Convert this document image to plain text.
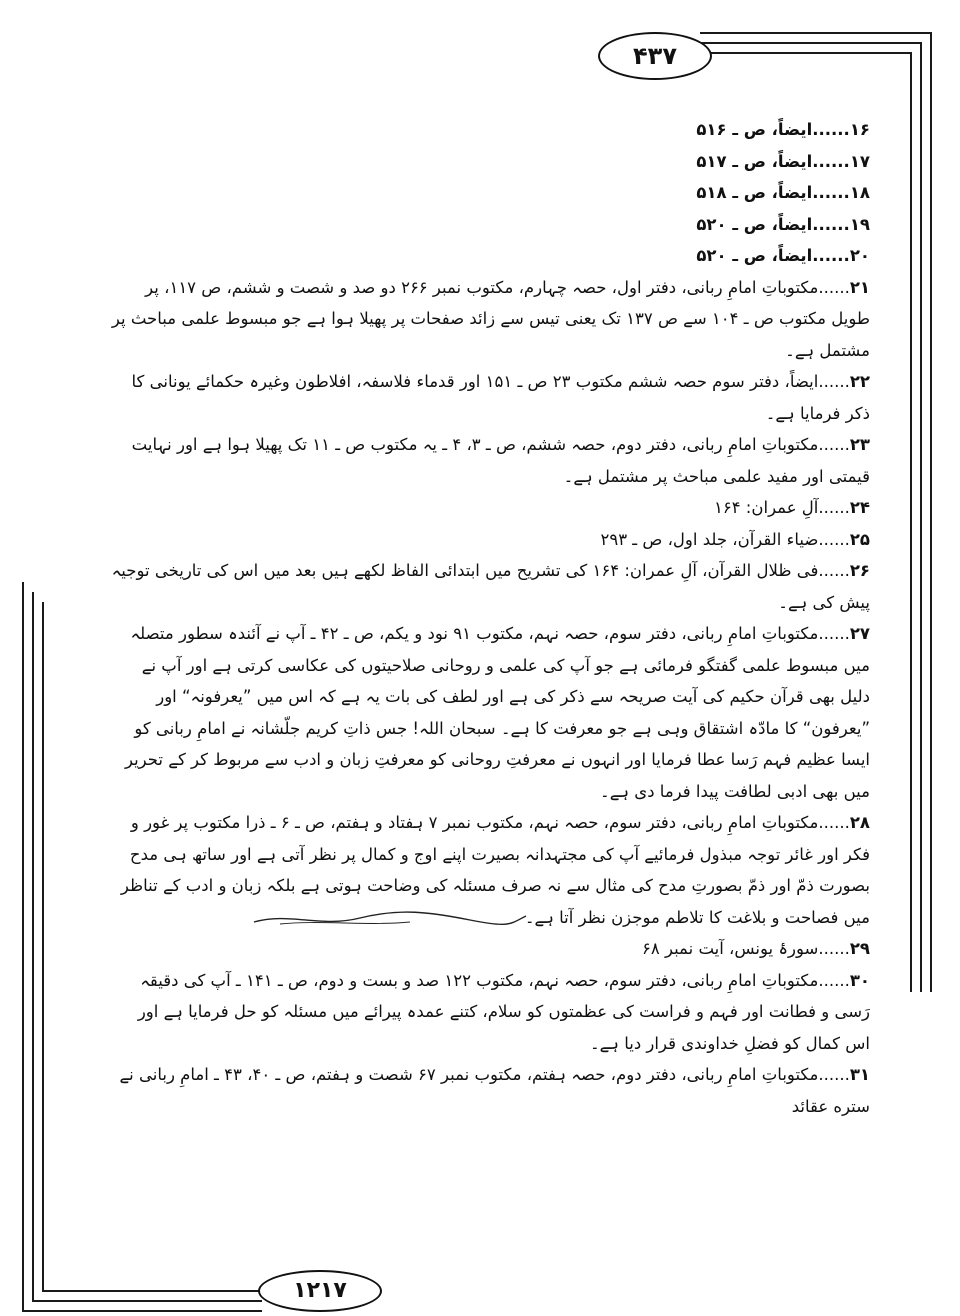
۴۳۷
۱۲۱۷

۱۶......ایضاً، ص ـ ۵۱۶

۱۷......ایضاً، ص ـ ۵۱۷

۱۸......ایضاً، ص ـ ۵۱۸

۱۹......ایضاً، ص ـ ۵۲۰

۲۰......ایضاً، ص ـ ۵۲۰

۲۱......مکتوباتِ امامِ ربانی، دفتر اول، حصہ چہارم، مکتوب نمبر ۲۶۶ دو صد و شصت و ششم، ص ۱۱۷، پر طویل مکتوب ص ـ ۱۰۴ سے ص ۱۳۷ تک یعنی تیس سے زائد صفحات پر پھیلا ہوا ہے جو مبسوط علمی مباحث پر مشتمل ہے۔

۲۲......ایضاً، دفتر سوم حصہ ششم مکتوب ۲۳ ص ـ ۱۵۱ اور قدماء فلاسفہ، افلاطون وغیرہ حکمائے یونانی کا ذکر فرمایا ہے۔

۲۳......مکتوباتِ امامِ ربانی، دفتر دوم، حصہ ششم، ص ـ ۳، ۴ ـ یہ مکتوب ص ـ ۱۱ تک پھیلا ہوا ہے اور نہایت قیمتی اور مفید علمی مباحث پر مشتمل ہے۔

۲۴......آلِ عمران: ۱۶۴

۲۵......ضیاء القرآن، جلد اول، ص ـ ۲۹۳

۲۶......فی ظلال القرآن، آلِ عمران: ۱۶۴ کی تشریح میں ابتدائی الفاظ لکھے ہیں بعد میں اس کی تاریخی توجیہ پیش کی ہے۔

۲۷......مکتوباتِ امامِ ربانی، دفتر سوم، حصہ نہم، مکتوب ۹۱ نود و یکم، ص ـ ۴۲ ـ آپ نے آئندہ سطور متصلہ میں مبسوط علمی گفتگو فرمائی ہے جو آپ کی علمی و روحانی صلاحیتوں کی عکاسی کرتی ہے اور آپ نے دلیل بھی قرآن حکیم کی آیت صریحہ سے ذکر کی ہے اور لطف کی بات یہ ہے کہ اس میں ”یعرفونہ“ اور ”یعرفون“ کا مادّہ اشتقاق وہی ہے جو معرفت کا ہے۔ سبحان اللہ! جس ذاتِ کریم جلّشانہ نے امامِ ربانی کو ایسا عظیم فہم رَسا عطا فرمایا اور انہوں نے معرفتِ روحانی کو معرفتِ زبان و ادب سے مربوط کر کے تحریر میں بھی ادبی لطافت پیدا فرما دی ہے۔

۲۸......مکتوباتِ امامِ ربانی، دفتر سوم، حصہ نہم، مکتوب نمبر ۷ ہفتاد و ہفتم، ص ـ ۶ ـ ذرا مکتوب پر غور و فکر اور غائر توجہ مبذول فرمائیے آپ کی مجتہدانہ بصیرت اپنے اوج و کمال پر نظر آتی ہے اور ساتھ ہی مدح بصورت ذمّ اور ذمّ بصورتِ مدح کی مثال سے نہ صرف مسئلہ کی وضاحت ہوتی ہے بلکہ زبان و ادب کے تناظر میں فصاحت و بلاغت کا تلاطم موجزن نظر آتا ہے۔

۲۹......سورۂ یونس، آیت نمبر ۶۸

۳۰......مکتوباتِ امامِ ربانی، دفتر سوم، حصہ نہم، مکتوب ۱۲۲ صد و بست و دوم، ص ـ ۱۴۱ ـ آپ کی دقیقہ رَسی و فطانت اور فہم و فراست کی عظمتوں کو سلام، کتنے عمدہ پیرائے میں مسئلہ کو حل فرمایا ہے اور اس کمال کو فضلِ خداوندی قرار دیا ہے۔

۳۱......مکتوباتِ امامِ ربانی، دفتر دوم، حصہ ہفتم، مکتوب نمبر ۶۷ شصت و ہفتم، ص ـ ۴۰، ۴۳ ـ امامِ ربانی نے ستره عقائد
